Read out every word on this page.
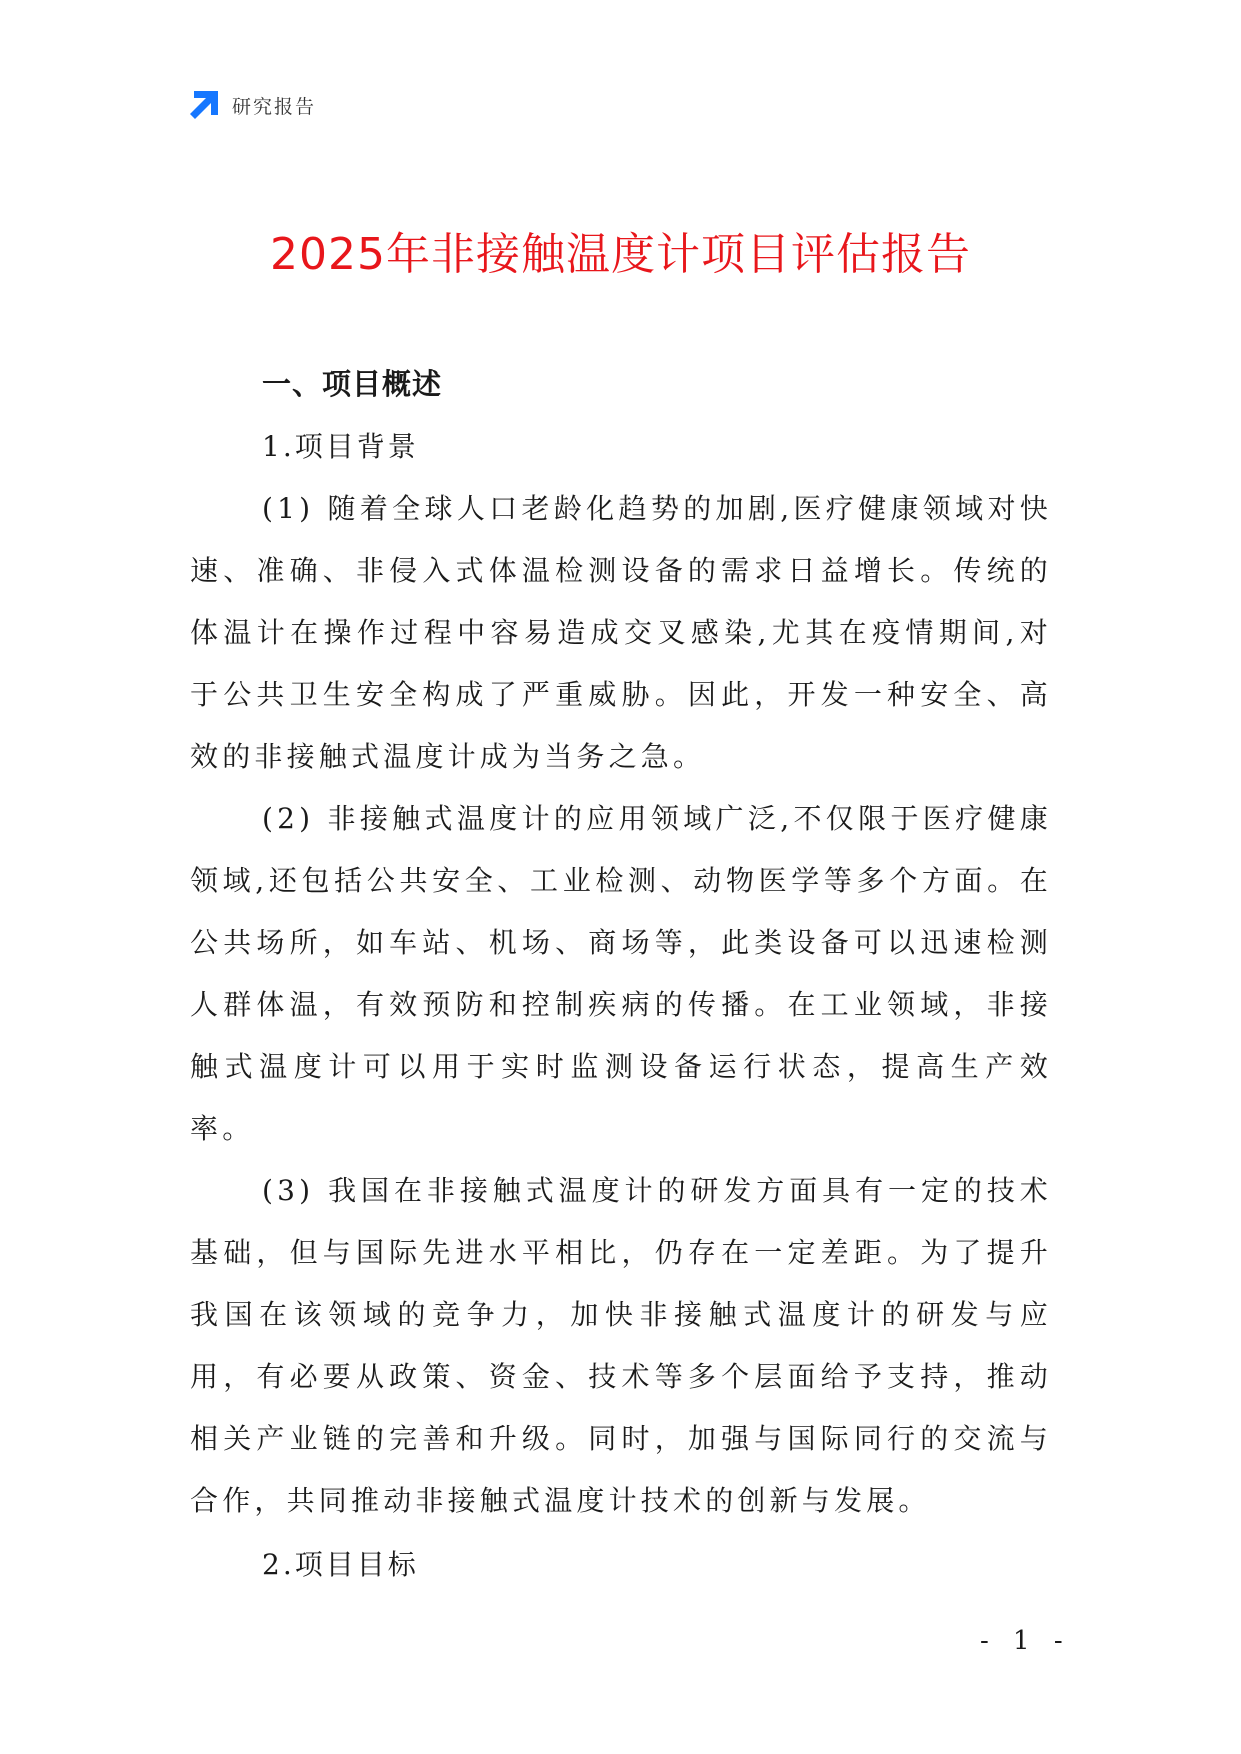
研究报告
2025年非接触温度计项目评估报告
一、项目概述
1.项目背景

(1) 随着全球人口老龄化趋势的加剧,医疗健康领域对快速、准确、非侵入式体温检测设备的需求日益增长。传统的体温计在操作过程中容易造成交叉感染,尤其在疫情期间,对于公共卫生安全构成了严重威胁。因此，开发一种安全、高效的非接触式温度计成为当务之急。

(2) 非接触式温度计的应用领域广泛,不仅限于医疗健康领域,还包括公共安全、工业检测、动物医学等多个方面。在公共场所，如车站、机场、商场等，此类设备可以迅速检测人群体温，有效预防和控制疾病的传播。在工业领域，非接触式温度计可以用于实时监测设备运行状态，提高生产效率。

(3) 我国在非接触式温度计的研发方面具有一定的技术基础，但与国际先进水平相比，仍存在一定差距。为了提升我国在该领域的竞争力，加快非接触式温度计的研发与应用，有必要从政策、资金、技术等多个层面给予支持，推动相关产业链的完善和升级。同时，加强与国际同行的交流与合作，共同推动非接触式温度计技术的创新与发展。

2.项目目标
- 1 -
